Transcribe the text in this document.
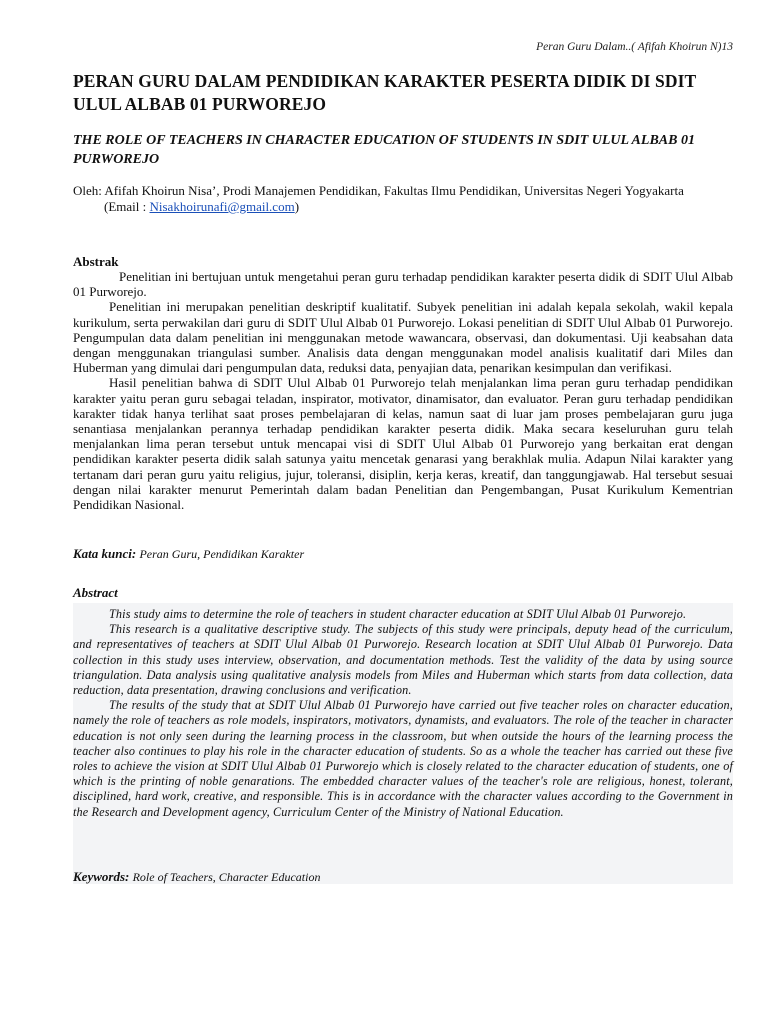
Peran Guru Dalam..( Afifah Khoirun N)13
PERAN GURU DALAM PENDIDIKAN KARAKTER PESERTA DIDIK DI SDIT ULUL ALBAB 01 PURWOREJO
THE ROLE OF TEACHERS IN CHARACTER EDUCATION OF STUDENTS IN SDIT ULUL ALBAB 01 PURWOREJO
Oleh: Afifah Khoirun Nisa’, Prodi Manajemen Pendidikan, Fakultas Ilmu Pendidikan, Universitas Negeri Yogyakarta
(Email : Nisakhoirunafi@gmail.com)
Abstrak

Penelitian ini bertujuan untuk mengetahui peran guru terhadap pendidikan karakter peserta didik di SDIT Ulul Albab 01 Purworejo.

Penelitian ini merupakan penelitian deskriptif kualitatif. Subyek penelitian ini adalah kepala sekolah, wakil kepala kurikulum, serta perwakilan dari guru di SDIT Ulul Albab 01 Purworejo. Lokasi penelitian di SDIT Ulul Albab 01 Purworejo. Pengumpulan data dalam penelitian ini menggunakan metode wawancara, observasi, dan dokumentasi. Uji keabsahan data dengan menggunakan triangulasi sumber. Analisis data dengan menggunakan model analisis kualitatif dari Miles dan Huberman yang dimulai dari pengumpulan data, reduksi data, penyajian data, penarikan kesimpulan dan verifikasi.

Hasil penelitian bahwa di SDIT Ulul Albab 01 Purworejo telah menjalankan lima peran guru terhadap pendidikan karakter yaitu peran guru sebagai teladan, inspirator, motivator, dinamisator, dan evaluator. Peran guru terhadap pendidikan karakter tidak hanya terlihat saat proses pembelajaran di kelas, namun saat di luar jam proses pembelajaran guru juga senantiasa menjalankan perannya terhadap pendidikan karakter peserta didik. Maka secara keseluruhan guru telah menjalankan lima peran tersebut untuk mencapai visi di SDIT Ulul Albab 01 Purworejo yang berkaitan erat dengan pendidikan karakter peserta didik salah satunya yaitu mencetak genarasi yang berakhlak mulia. Adapun Nilai karakter yang tertanam dari peran guru yaitu religius, jujur, toleransi, disiplin, kerja keras, kreatif, dan tanggungjawab. Hal tersebut sesuai dengan nilai karakter menurut Pemerintah dalam badan Penelitian dan Pengembangan, Pusat Kurikulum Kementrian Pendidikan Nasional.

Kata kunci: Peran Guru, Pendidikan Karakter
Abstract

This study aims to determine the role of teachers in student character education at SDIT Ulul Albab 01 Purworejo.

This research is a qualitative descriptive study. The subjects of this study were principals, deputy head of the curriculum, and representatives of teachers at SDIT Ulul Albab 01 Purworejo. Research location at SDIT Ulul Albab 01 Purworejo. Data collection in this study uses interview, observation, and documentation methods. Test the validity of the data by using source triangulation. Data analysis using qualitative analysis models from Miles and Huberman which starts from data collection, data reduction, data presentation, drawing conclusions and verification.

The results of the study that at SDIT Ulul Albab 01 Purworejo have carried out five teacher roles on character education, namely the role of teachers as role models, inspirators, motivators, dynamists, and evaluators. The role of the teacher in character education is not only seen during the learning process in the classroom, but when outside the hours of the learning process the teacher also continues to play his role in the character education of students. So as a whole the teacher has carried out these five roles to achieve the vision at SDIT Ulul Albab 01 Purworejo which is closely related to the character education of students, one of which is the printing of noble genarations. The embedded character values of the teacher's role are religious, honest, tolerant, disciplined, hard work, creative, and responsible. This is in accordance with the character values according to the Government in the Research and Development agency, Curriculum Center of the Ministry of National Education.

Keywords: Role of Teachers, Character Education
